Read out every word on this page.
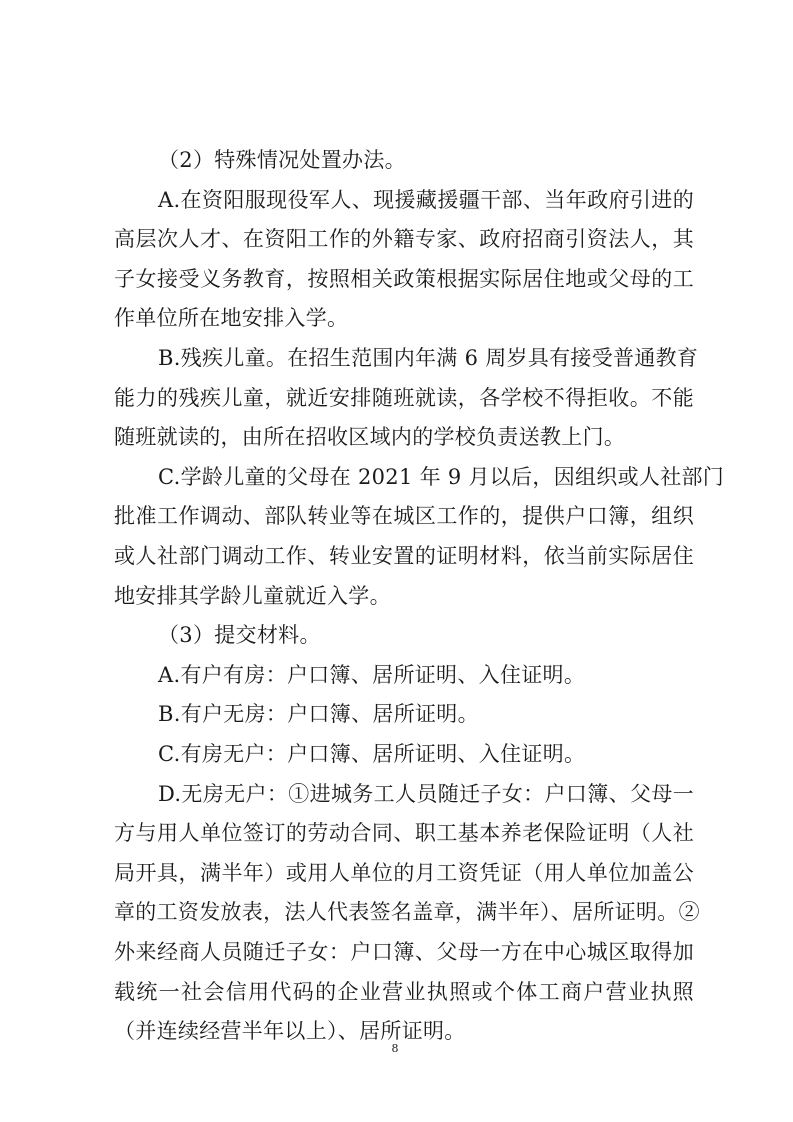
（2）特殊情况处置办法。
A.在资阳服现役军人、现援藏援疆干部、当年政府引进的
高层次人才、在资阳工作的外籍专家、政府招商引资法人，其
子女接受义务教育，按照相关政策根据实际居住地或父母的工
作单位所在地安排入学。
B.残疾儿童。在招生范围内年满 6 周岁具有接受普通教育
能力的残疾儿童，就近安排随班就读，各学校不得拒收。不能
随班就读的，由所在招收区域内的学校负责送教上门。
C.学龄儿童的父母在 2021 年 9 月以后，因组织或人社部门
批准工作调动、部队转业等在城区工作的，提供户口簿，组织
或人社部门调动工作、转业安置的证明材料，依当前实际居住
地安排其学龄儿童就近入学。
（3）提交材料。
A.有户有房：户口簿、居所证明、入住证明。
B.有户无房：户口簿、居所证明。
C.有房无户：户口簿、居所证明、入住证明。
D.无房无户：①进城务工人员随迁子女：户口簿、父母一
方与用人单位签订的劳动合同、职工基本养老保险证明（人社
局开具，满半年）或用人单位的月工资凭证（用人单位加盖公
章的工资发放表，法人代表签名盖章，满半年）、居所证明。②
外来经商人员随迁子女：户口簿、父母一方在中心城区取得加
载统一社会信用代码的企业营业执照或个体工商户营业执照
8
（并连续经营半年以上）、居所证明。
